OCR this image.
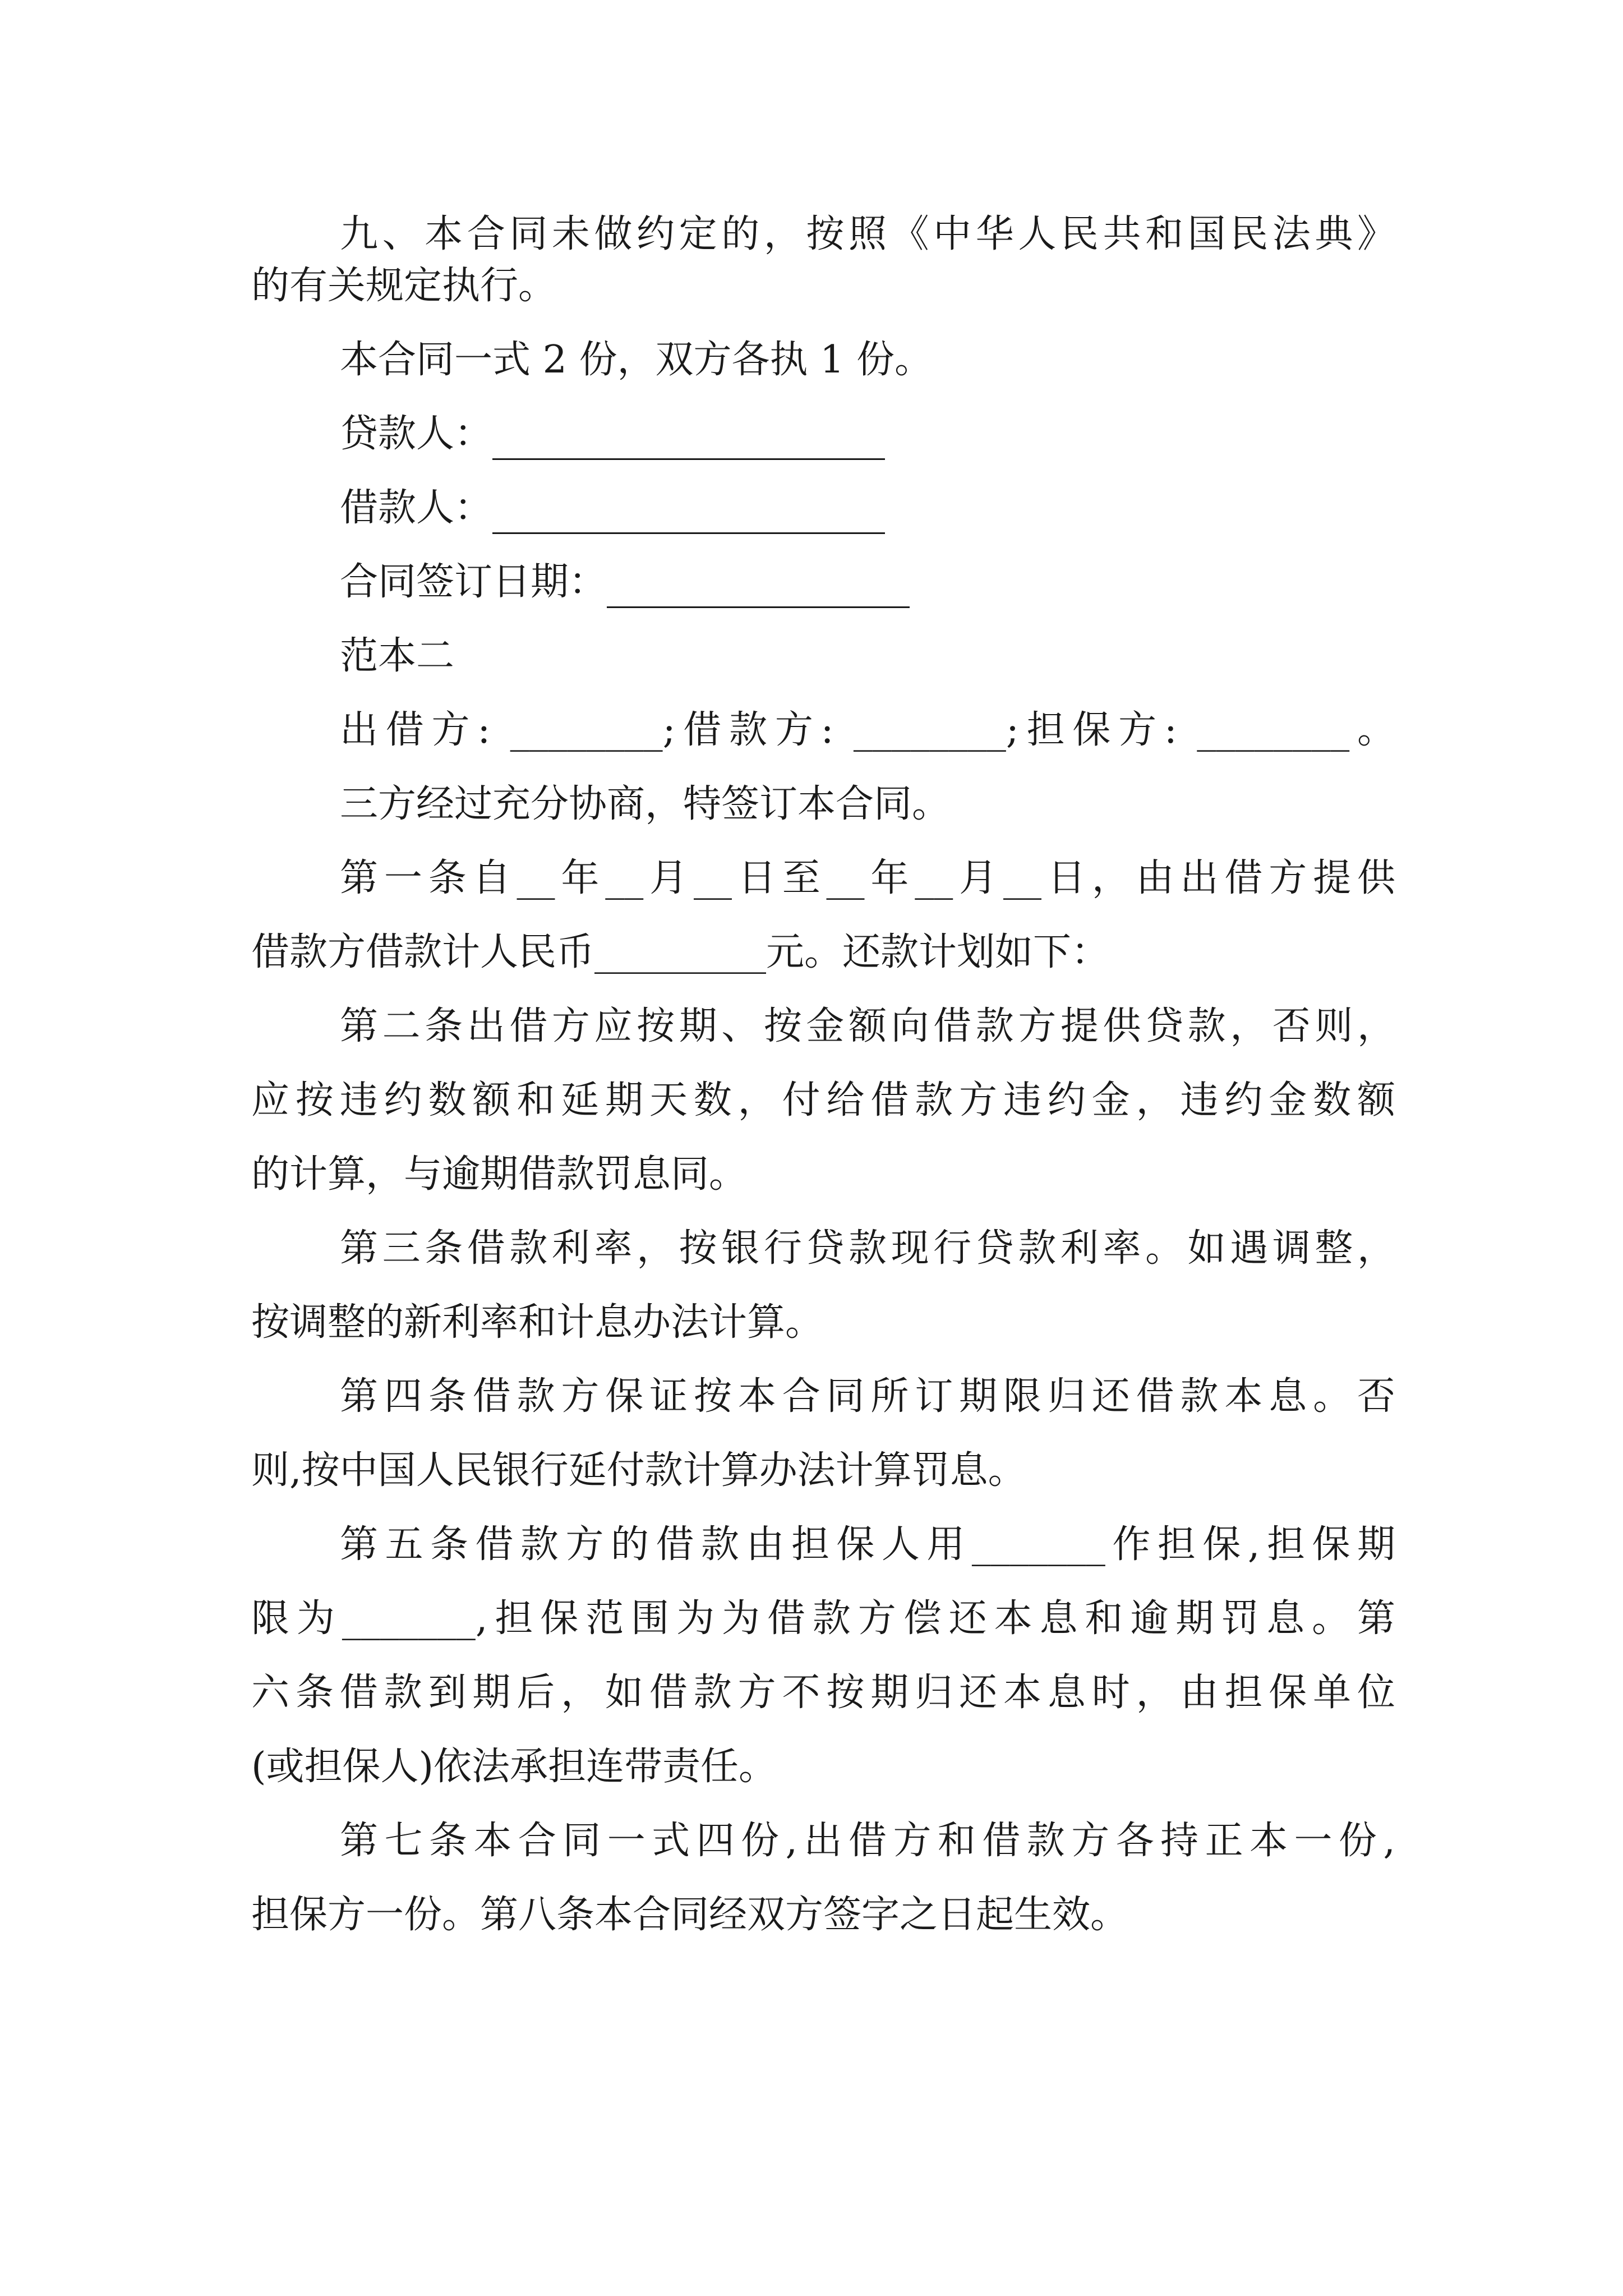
九、本合同未做约定的，按照《中华人民共和国民法典》

的有关规定执行。

本合同一式 2 份，双方各执 1 份。

贷款人：
借款人：
合同签订日期：

范本二

出借方: ________;借款方: ________;担保方: ________。

三方经过充分协商，特签订本合同。

第一条自__年__月__日至__年__月__日，由出借方提供

借款方借款计人民币_________元。还款计划如下：

第二条出借方应按期、按金额向借款方提供贷款，否则，

应按违约数额和延期天数，付给借款方违约金，违约金数额

的计算，与逾期借款罚息同。

第三条借款利率，按银行贷款现行贷款利率。如遇调整，

按调整的新利率和计息办法计算。

第四条借款方保证按本合同所订期限归还借款本息。否

则,按中国人民银行延付款计算办法计算罚息。

第五条借款方的借款由担保人用_______作担保,担保期

限为_______,担保范围为为借款方偿还本息和逾期罚息。第

六条借款到期后，如借款方不按期归还本息时，由担保单位

(或担保人)依法承担连带责任。

第七条本合同一式四份,出借方和借款方各持正本一份,

担保方一份。第八条本合同经双方签字之日起生效。
